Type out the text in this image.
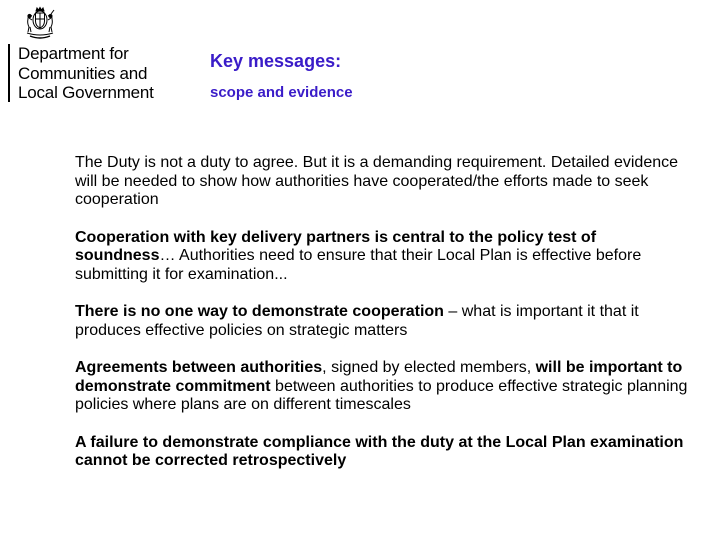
Department for
Communities and
Local Government
Key messages:
scope and evidence

The Duty is not a duty to agree. But it is a demanding requirement. Detailed evidence will be needed to show how authorities have cooperated/the efforts made to seek cooperation

Cooperation with key delivery partners is central to the policy test of soundness… Authorities need to ensure that their Local Plan is effective before submitting it for examination...

There is no one way to demonstrate cooperation – what is important it that it produces effective policies on strategic matters

Agreements between authorities, signed by elected members, will be important to demonstrate commitment between authorities to produce effective strategic planning policies where plans are on different timescales

A failure to demonstrate compliance with the duty at the Local Plan examination cannot be corrected retrospectively
